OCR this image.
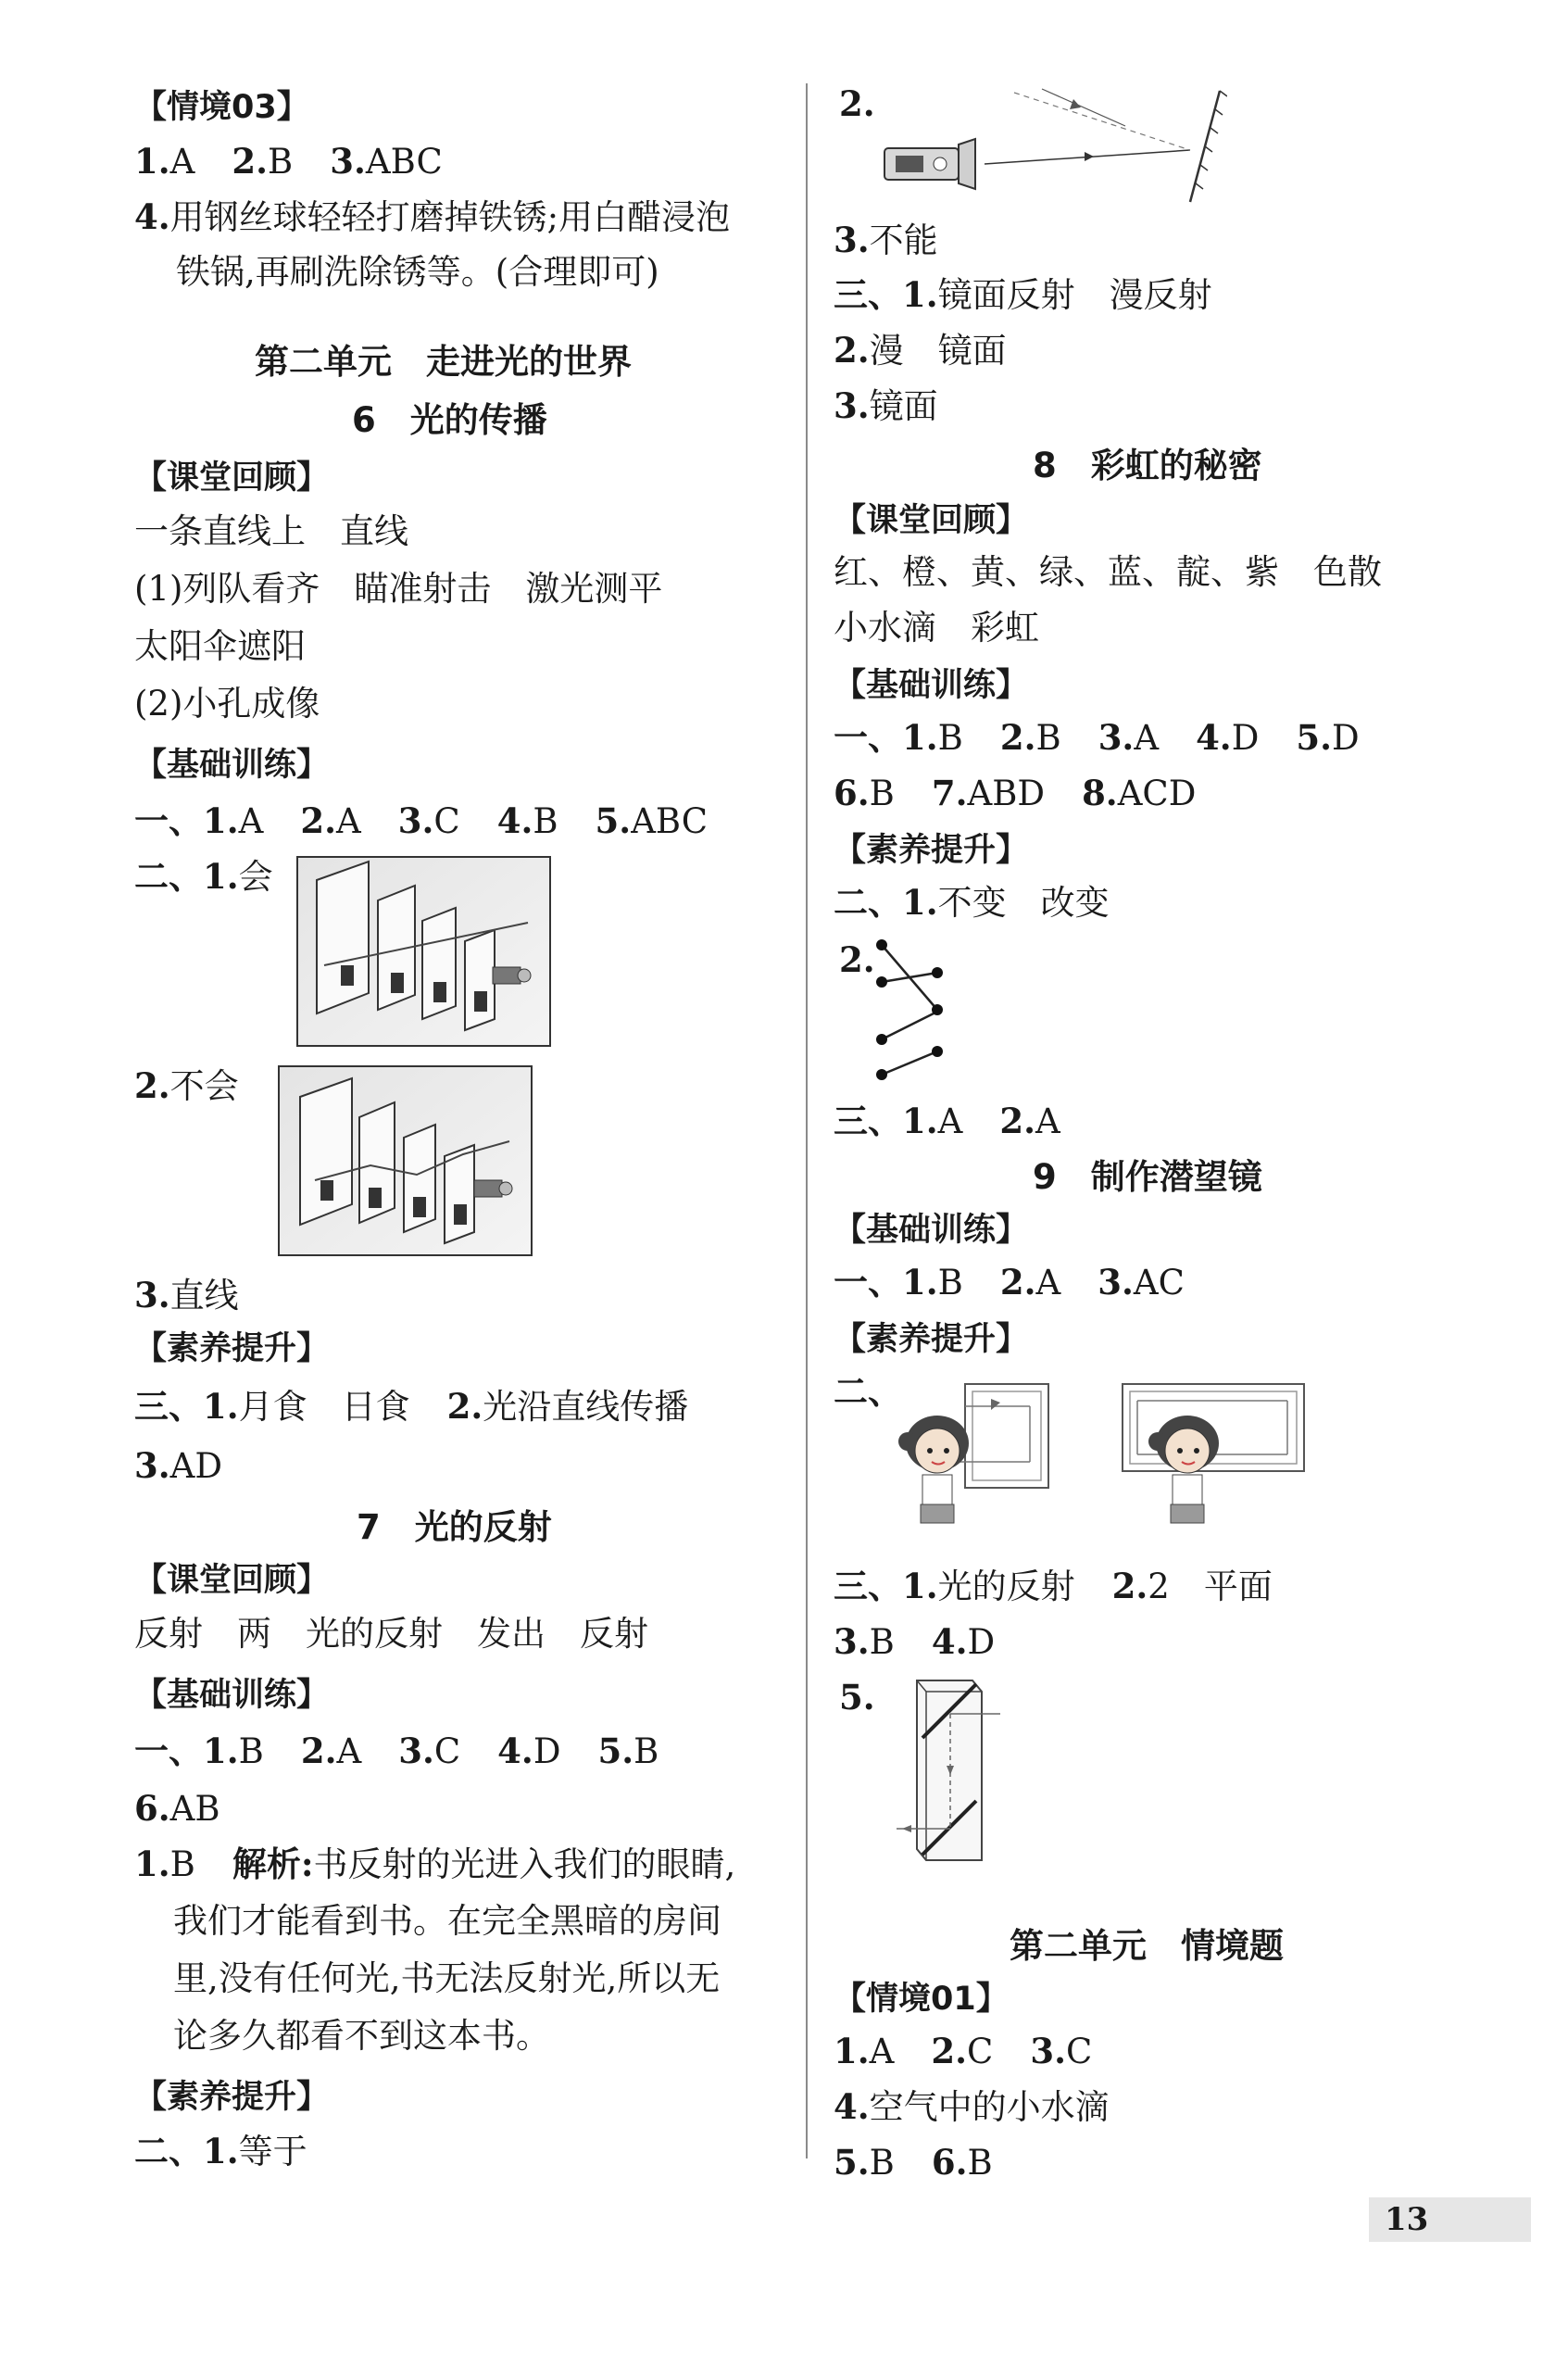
【情境03】
1.A 2.B 3.ABC
4.用钢丝球轻轻打磨掉铁锈;用白醋浸泡
铁锅,再刷洗除锈等。(合理即可)
第二单元　走进光的世界
6　光的传播
【课堂回顾】
一条直线上　直线
(1)列队看齐　瞄准射击　激光测平
太阳伞遮阳
(2)小孔成像
【基础训练】
一、1.A 2.A 3.C 4.B 5.ABC
二、1.会
2.不会
3.直线
【素养提升】
三、1.月食　日食 2.光沿直线传播
3.AD
7　光的反射
【课堂回顾】
反射　两　光的反射　发出　反射
【基础训练】
一、1.B 2.A 3.C 4.D 5.B
6.AB
1.B 解析:书反射的光进入我们的眼睛,
我们才能看到书。在完全黑暗的房间
里,没有任何光,书无法反射光,所以无
论多久都看不到这本书。
【素养提升】
二、1.等于
2.
3.不能
三、1.镜面反射　漫反射
2.漫　镜面
3.镜面
8　彩虹的秘密
【课堂回顾】
红、橙、黄、绿、蓝、靛、紫　色散
小水滴　彩虹
【基础训练】
一、1.B 2.B 3.A 4.D 5.D
6.B 7.ABD 8.ACD
【素养提升】
二、1.不变　改变
2.
三、1.A 2.A
9　制作潜望镜
【基础训练】
一、1.B 2.A 3.AC
【素养提升】
二、
三、1.光的反射 2.2　平面
3.B 4.D
5.
第二单元　情境题
【情境01】
1.A 2.C 3.C
4.空气中的小水滴
5.B 6.B
13
